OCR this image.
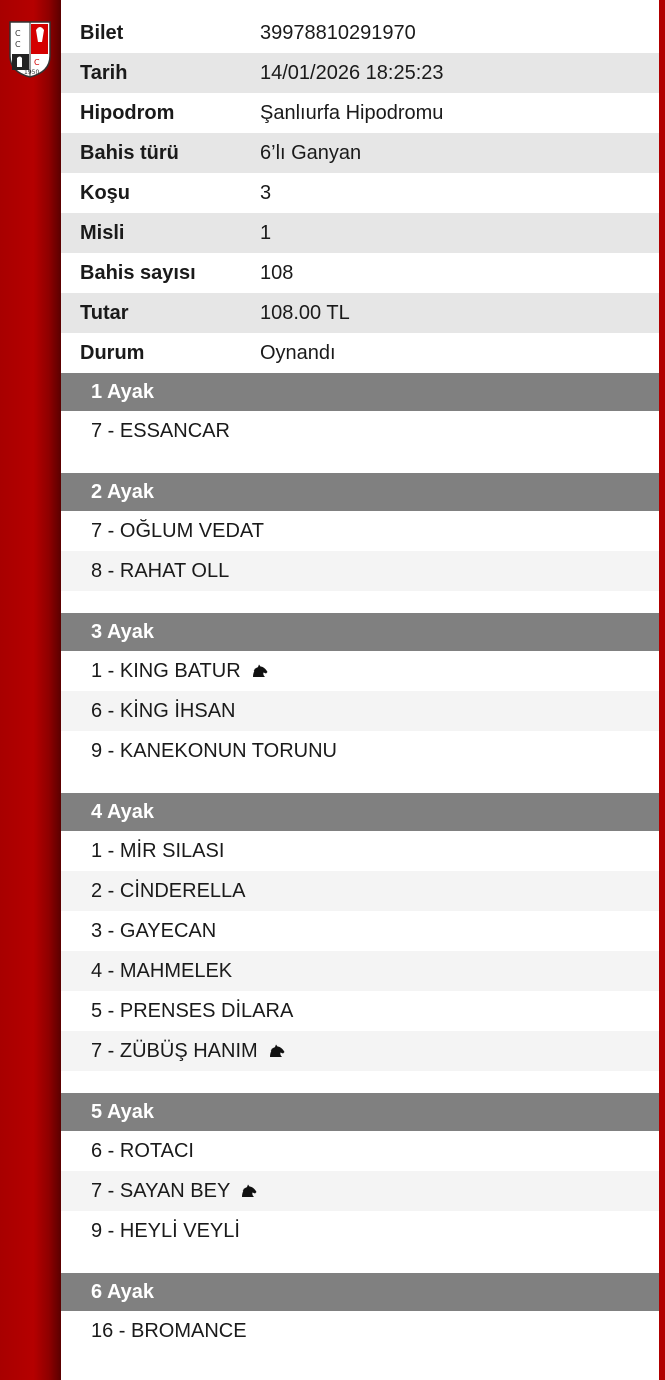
C
C
C
1950
Bilet	39978810291970
Tarih	14/01/2026 18:25:23
Hipodrom	Şanlıurfa Hipodromu
Bahis türü	6’lı Ganyan
Koşu	3
Misli	1
Bahis sayısı	108
Tutar	108.00 TL
Durum	Oynandı
1 Ayak
7 - ESSANCAR
2 Ayak
7 - OĞLUM VEDAT
8 - RAHAT OLL
3 Ayak
1 - KING BATUR
6 - KİNG İHSAN
9 - KANEKONUN TORUNU
4 Ayak
1 - MİR SILASI
2 - CİNDERELLA
3 - GAYECAN
4 - MAHMELEK
5 - PRENSES DİLARA
7 - ZÜBÜŞ HANIM
5 Ayak
6 - ROTACI
7 - SAYAN BEY
9 - HEYLİ VEYLİ
6 Ayak
16 - BROMANCE
